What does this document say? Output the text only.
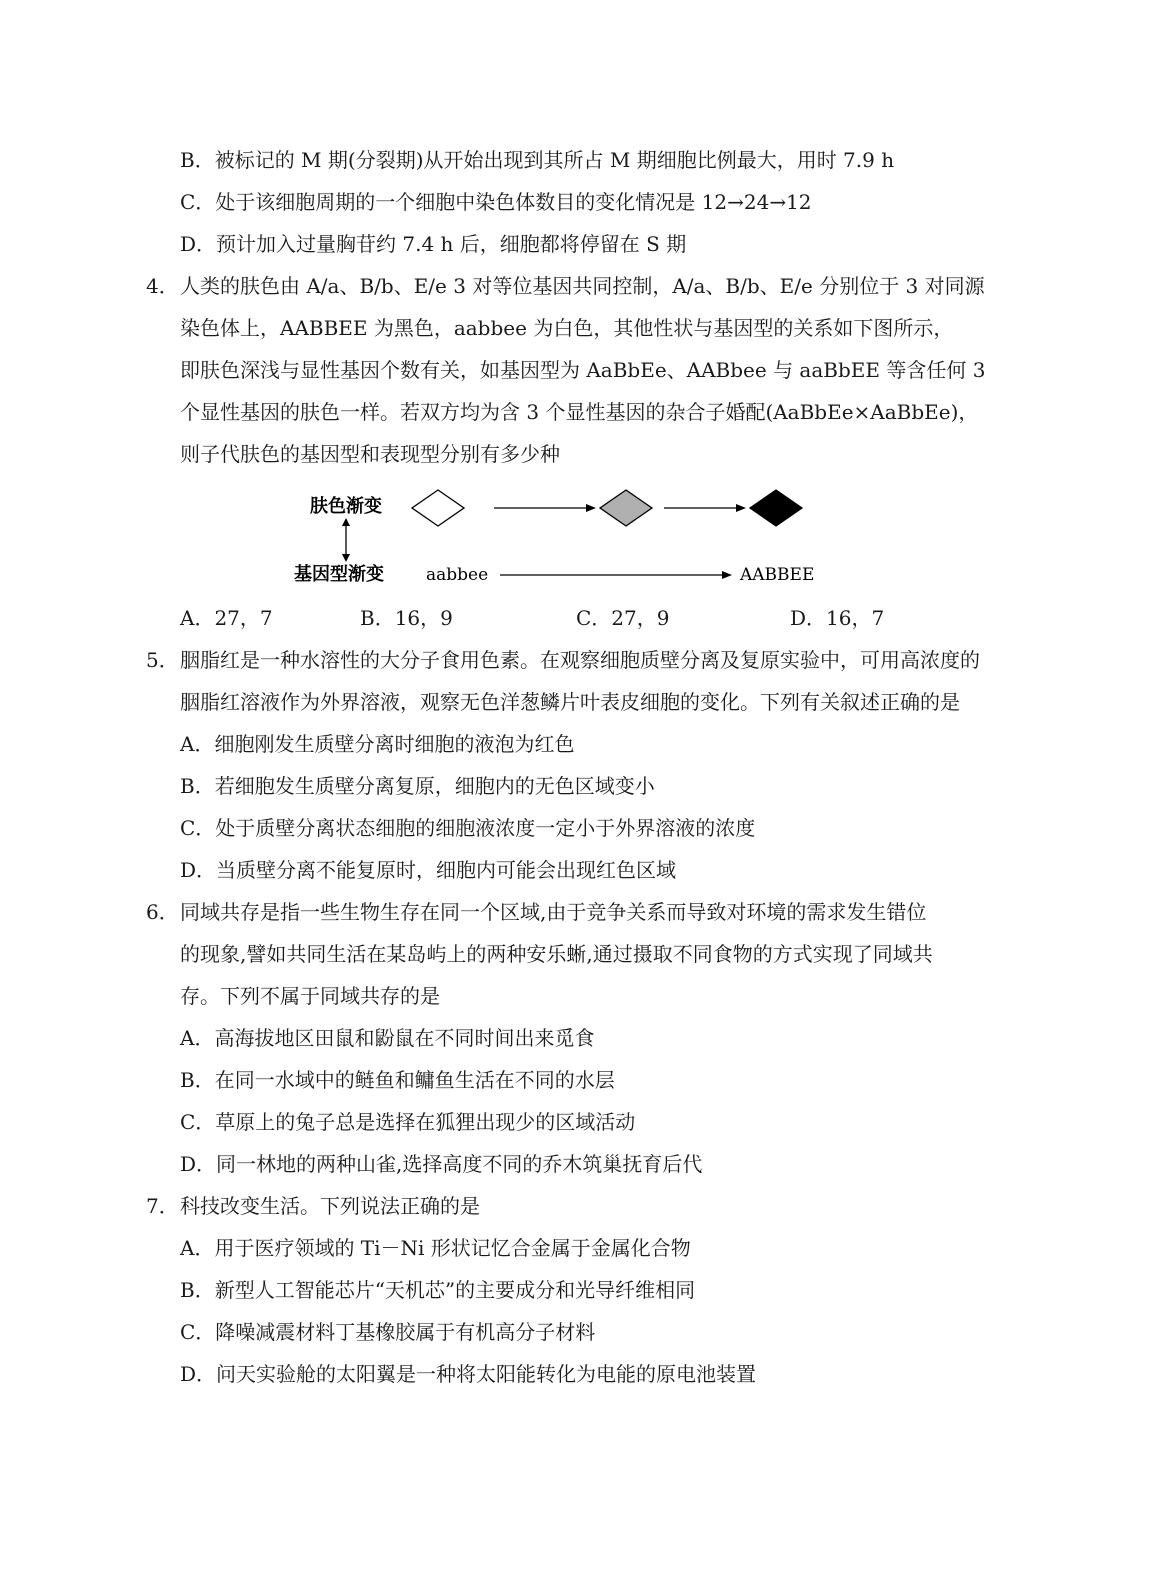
B．被标记的 M 期(分裂期)从开始出现到其所占 M 期细胞比例最大，用时 7.9 h
C．处于该细胞周期的一个细胞中染色体数目的变化情况是 12→24→12
D．预计加入过量胸苷约 7.4 h 后，细胞都将停留在 S 期
4． 人类的肤色由 A/a、B/b、E/e 3 对等位基因共同控制，A/a、B/b、E/e 分别位于 3 对同源
染色体上，AABBEE 为黑色，aabbee 为白色，其他性状与基因型的关系如下图所示，
即肤色深浅与显性基因个数有关，如基因型为 AaBbEe、AABbee 与 aaBbEE 等含任何 3
个显性基因的肤色一样。若双方均为含 3 个显性基因的杂合子婚配(AaBbEe×AaBbEe)，
则子代肤色的基因型和表现型分别有多少种
肤色渐变
基因型渐变 aabbee	AABBEE
A．27，7	B．16，9	C．27，9	D．16，7
5． 胭脂红是一种水溶性的大分子食用色素。在观察细胞质壁分离及复原实验中，可用高浓度的
胭脂红溶液作为外界溶液，观察无色洋葱鳞片叶表皮细胞的变化。下列有关叙述正确的是
A．细胞刚发生质壁分离时细胞的液泡为红色
B．若细胞发生质壁分离复原，细胞内的无色区域变小
C．处于质壁分离状态细胞的细胞液浓度一定小于外界溶液的浓度
D．当质壁分离不能复原时，细胞内可能会出现红色区域
6． 同域共存是指一些生物生存在同一个区域,由于竞争关系而导致对环境的需求发生错位
的现象,譬如共同生活在某岛屿上的两种安乐蜥,通过摄取不同食物的方式实现了同域共
存。下列不属于同域共存的是
A．高海拔地区田鼠和鼢鼠在不同时间出来觅食
B．在同一水域中的鲢鱼和鳙鱼生活在不同的水层
C．草原上的兔子总是选择在狐狸出现少的区域活动
D．同一林地的两种山雀,选择高度不同的乔木筑巢抚育后代
7． 科技改变生活。下列说法正确的是
A．用于医疗领域的 Ti－Ni 形状记忆合金属于金属化合物
B．新型人工智能芯片“天机芯”的主要成分和光导纤维相同
C．降噪减震材料丁基橡胶属于有机高分子材料
D．问天实验舱的太阳翼是一种将太阳能转化为电能的原电池装置
